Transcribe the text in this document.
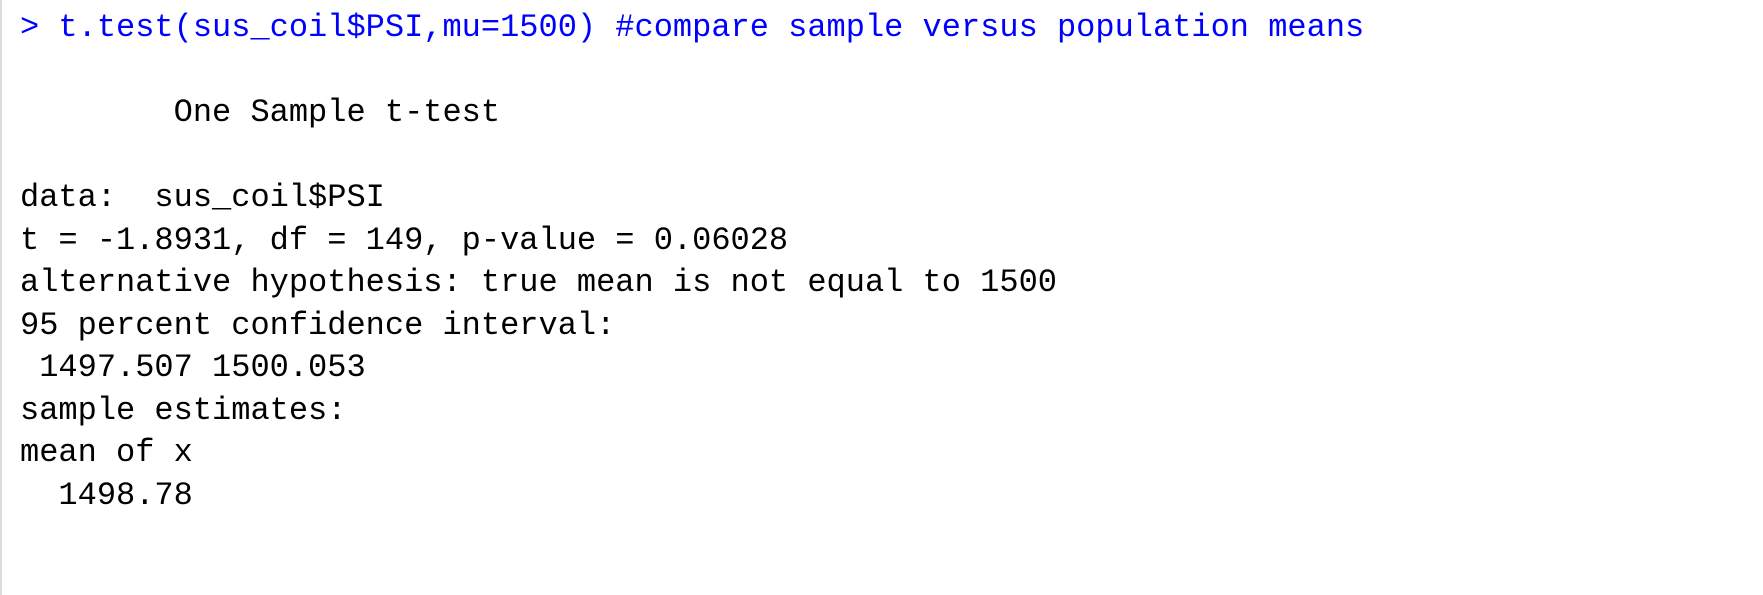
> t.test(sus_coil$PSI,mu=1500) #compare sample versus population means
One Sample t-test
data:  sus_coil$PSI
t = -1.8931, df = 149, p-value = 0.06028
alternative hypothesis: true mean is not equal to 1500
95 percent confidence interval:
1497.507 1500.053
sample estimates:
mean of x
1498.78
